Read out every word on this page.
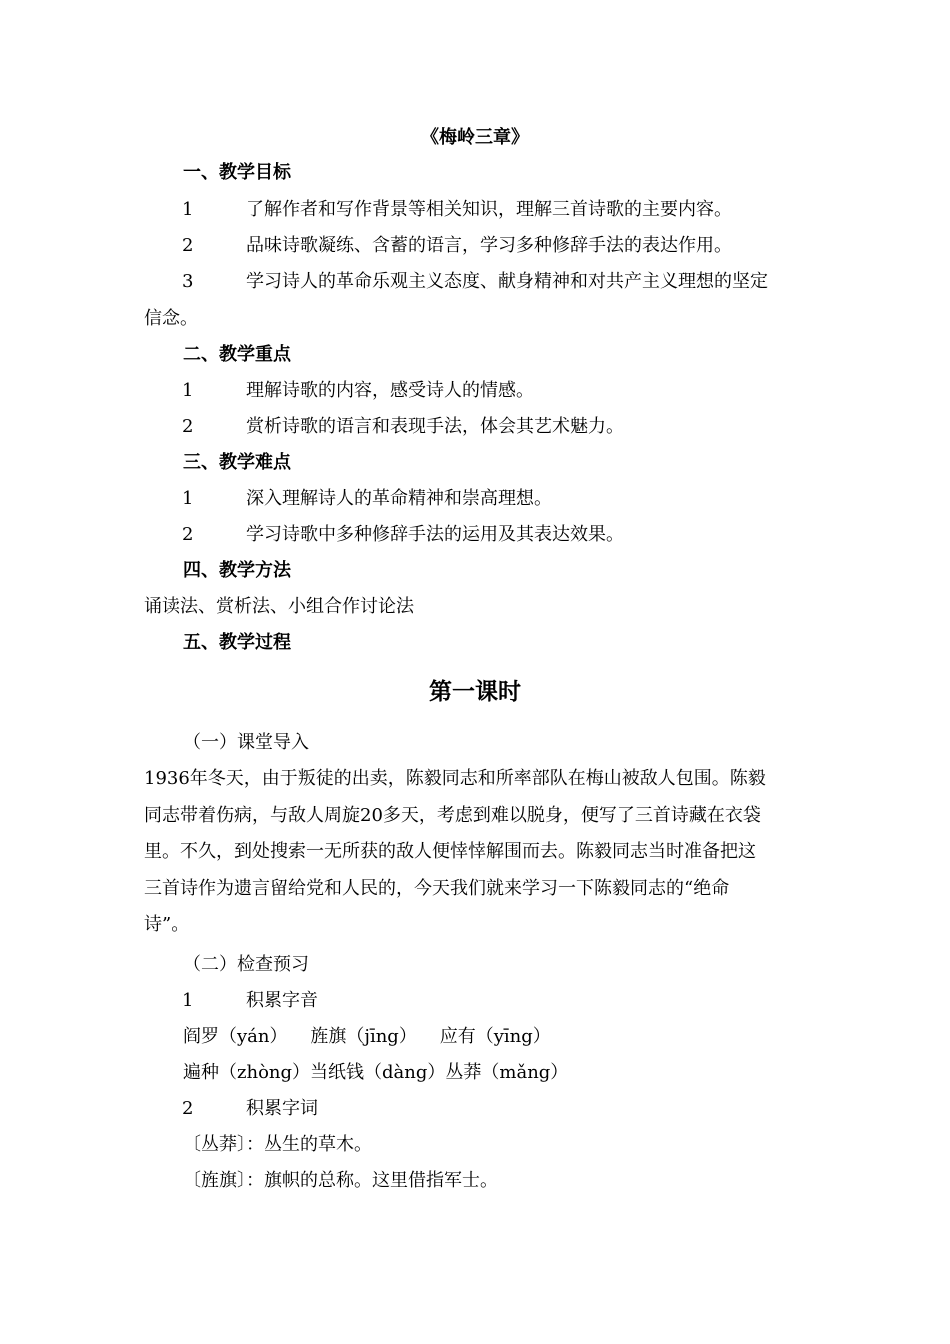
《梅岭三章》
一、教学目标
1	了解作者和写作背景等相关知识，理解三首诗歌的主要内容。
2	品味诗歌凝练、含蓄的语言，学习多种修辞手法的表达作用。
3	学习诗人的革命乐观主义态度、献身精神和对共产主义理想的坚定
信念。
二、教学重点
1	理解诗歌的内容，感受诗人的情感。
2	赏析诗歌的语言和表现手法，体会其艺术魅力。
三、教学难点
1	深入理解诗人的革命精神和崇高理想。
2	学习诗歌中多种修辞手法的运用及其表达效果。
四、教学方法
诵读法、赏析法、小组合作讨论法
五、教学过程
第一课时
（一）课堂导入
1936年冬天，由于叛徒的出卖，陈毅同志和所率部队在梅山被敌人包围。陈毅
同志带着伤病，与敌人周旋20多天，考虑到难以脱身，便写了三首诗藏在衣袋
里。不久，到处搜索一无所获的敌人便悻悻解围而去。陈毅同志当时准备把这
三首诗作为遗言留给党和人民的，今天我们就来学习一下陈毅同志的“绝命
诗”。
（二）检查预习
1	积累字音
阎罗（yán）    旌旗（jīng）    应有（yīng）
遍种（zhòng）当纸钱（dàng）丛莽（mǎng）
2	积累字词
〔丛莽〕：丛生的草木。
〔旌旗〕：旗帜的总称。这里借指军士。
